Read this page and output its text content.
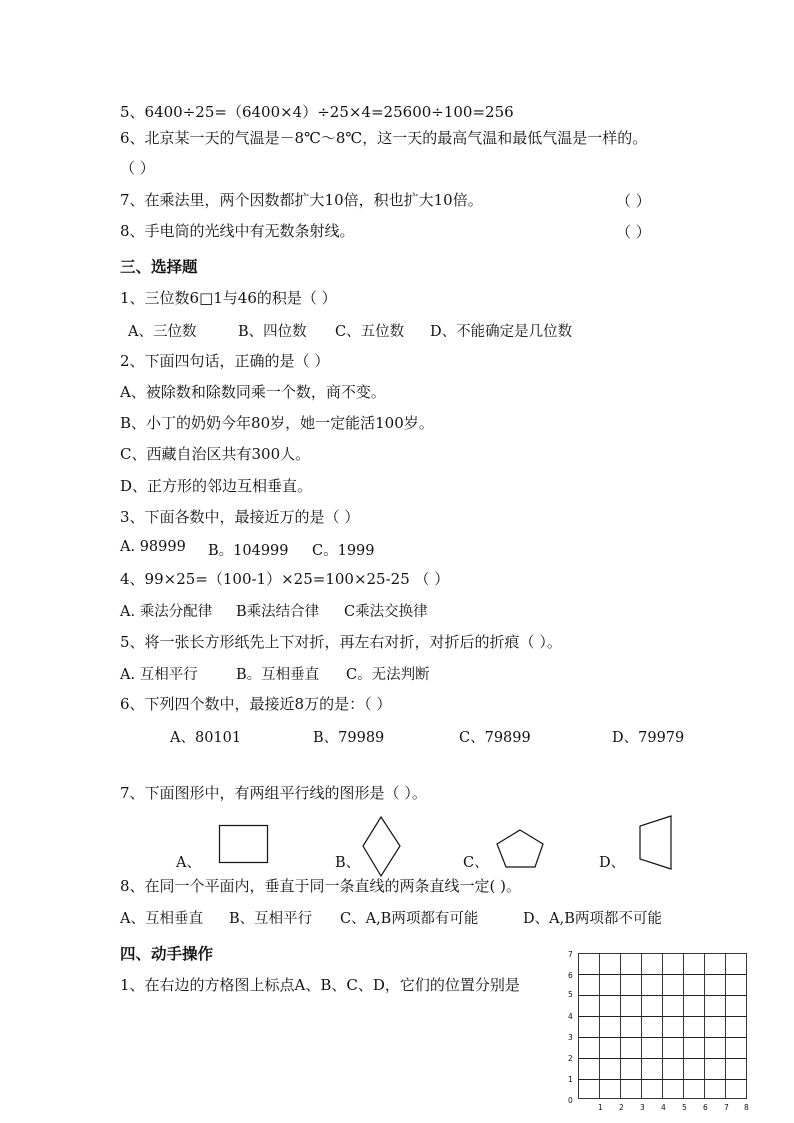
5、6400÷25=（6400×4）÷25×4=25600÷100=256
6、北京某一天的气温是－8℃～8℃，这一天的最高气温和最低气温是一样的。
（ ）
7、在乘法里，两个因数都扩大10倍，积也扩大10倍。	（ ）
8、手电筒的光线中有无数条射线。	（ ）
三、选择题
1、三位数6□1与46的积是（ ）
A、三位数	B、四位数 C、五位数 D、不能确定是几位数
2、下面四句话，正确的是（ ）
A、被除数和除数同乘一个数，商不变。
B、小丁的奶奶今年80岁，她一定能活100岁。
C、西藏自治区共有300人。
D、正方形的邻边互相垂直。
3、下面各数中，最接近万的是（ ）
A. 98999 B。104999 C。1999
4、99×25=（100-1）×25=100×25-25 （ ）
A. 乘法分配律 B乘法结合律 C乘法交换律
5、将一张长方形纸先上下对折，再左右对折，对折后的折痕（ ）。
A. 互相平行	B。互相垂直 C。无法判断
6、下列四个数中，最接近8万的是：（ ）
A、80101	B、79989	C、79899	D、79979
7、下面图形中，有两组平行线的图形是（ ）。
A、	B、	C、	D、
8、在同一个平面内，垂直于同一条直线的两条直线一定( )。
A、互相垂直 B、互相平行 C、A,B两项都有可能	D、A,B两项都不可能
四、动手操作
1、在右边的方格图上标点A、B、C、D，它们的位置分别是
7
6
5
4
3
2
1
0
1 2 3 4 5 6 7 8
